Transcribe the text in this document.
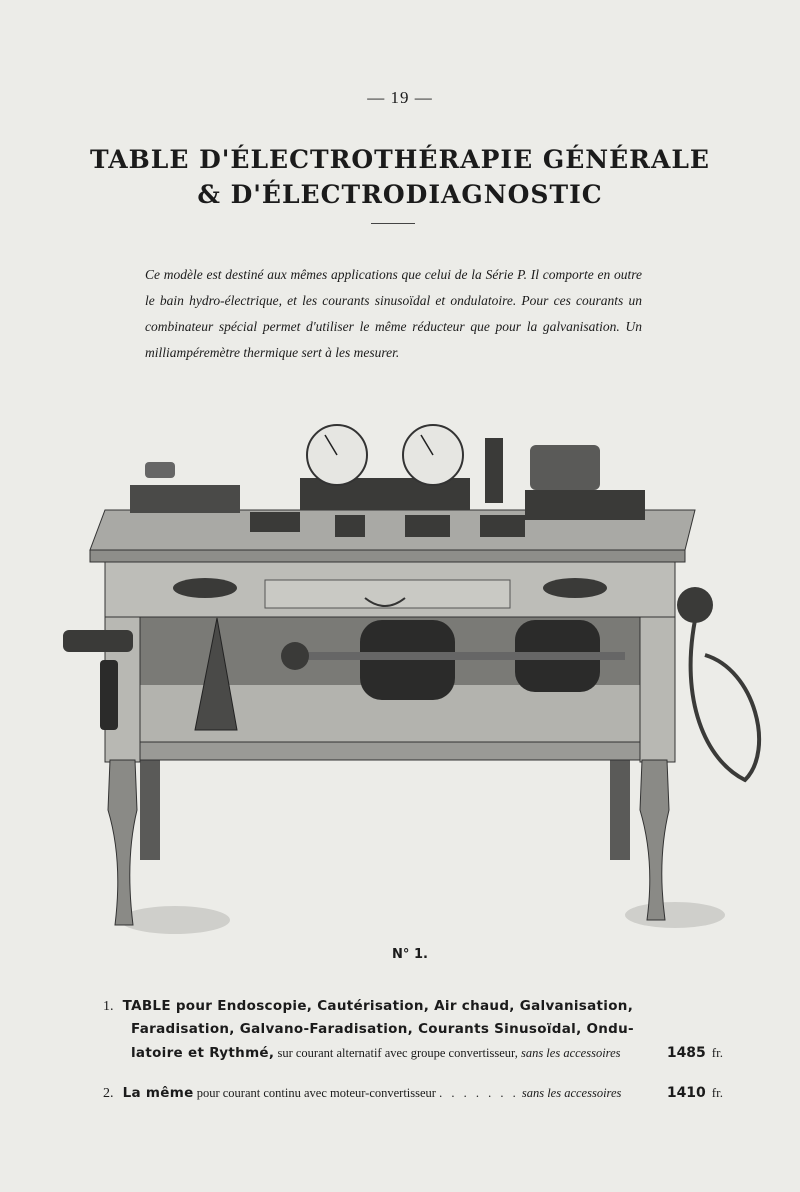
— 19 —
TABLE D'ÉLECTROTHÉRAPIE GÉNÉRALE
& D'ÉLECTRODIAGNOSTIC

Ce modèle est destiné aux mêmes applications que celui de la Série P. Il comporte en outre le bain hydro-électrique, et les courants sinusoïdal et ondulatoire. Pour ces courants un combinateur spécial permet d'utiliser le même réducteur que pour la galvanisation. Un milliampéremètre thermique sert à les mesurer.

N° 1.
1. TABLE pour Endoscopie, Cautérisation, Air chaud, Galvanisation,
Faradisation, Galvano-Faradisation, Courants Sinusoïdal, Ondu-
latoire et Rythmé, sur courant alternatif avec groupe convertisseur, sans les accessoires	1485 fr.
2. La même pour courant continu avec moteur-convertisseur . . . . . . . sans les accessoires	1410 fr.
